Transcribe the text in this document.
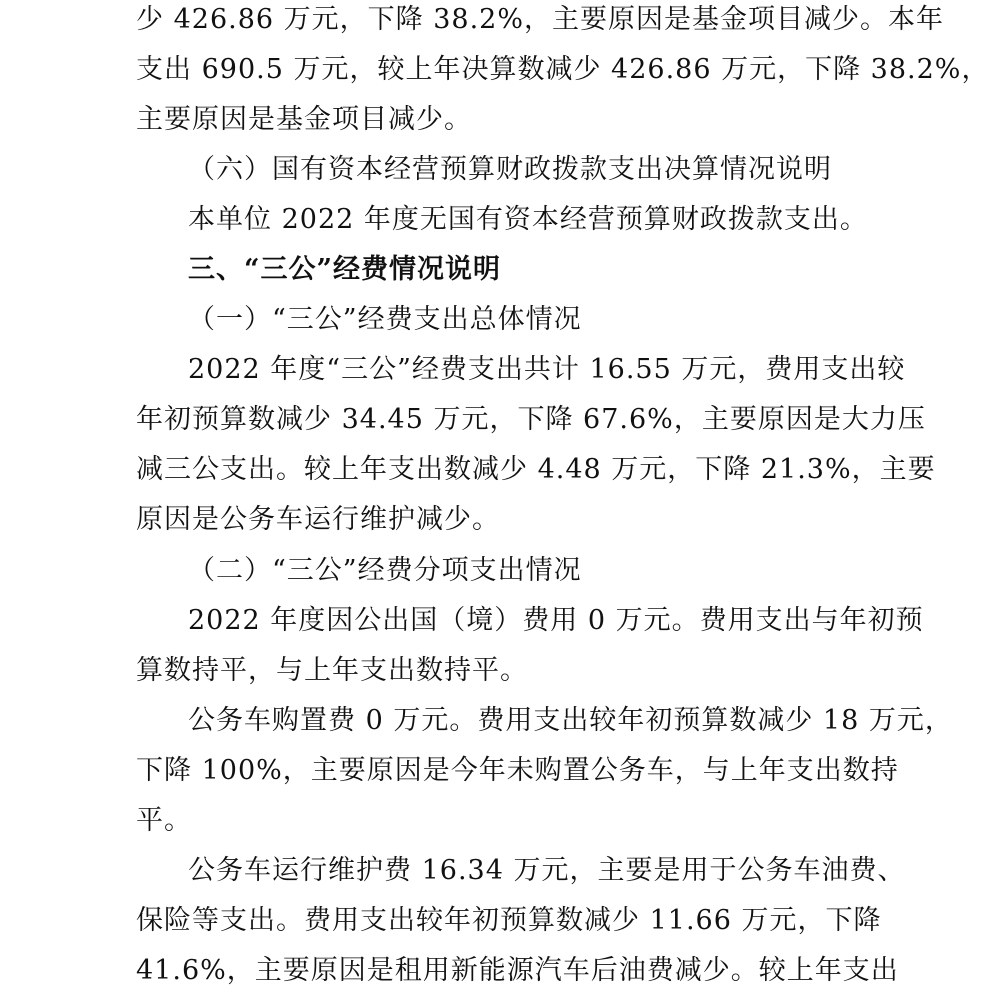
少 426.86 万元，下降 38.2%，主要原因是基金项目减少。本年
支出 690.5 万元，较上年决算数减少 426.86 万元，下降 38.2%，
主要原因是基金项目减少。
（六）国有资本经营预算财政拨款支出决算情况说明
本单位 2022 年度无国有资本经营预算财政拨款支出。
三、“三公”经费情况说明
（一）“三公”经费支出总体情况
2022 年度“三公”经费支出共计 16.55 万元，费用支出较
年初预算数减少 34.45 万元，下降 67.6%，主要原因是大力压
减三公支出。较上年支出数减少 4.48 万元，下降 21.3%，主要
原因是公务车运行维护减少。
（二）“三公”经费分项支出情况
2022 年度因公出国（境）费用 0 万元。费用支出与年初预
算数持平，与上年支出数持平。
公务车购置费 0 万元。费用支出较年初预算数减少 18 万元，
下降 100%，主要原因是今年未购置公务车，与上年支出数持
平。
公务车运行维护费 16.34 万元，主要是用于公务车油费、
保险等支出。费用支出较年初预算数减少 11.66 万元，下降
41.6%，主要原因是租用新能源汽车后油费减少。较上年支出
